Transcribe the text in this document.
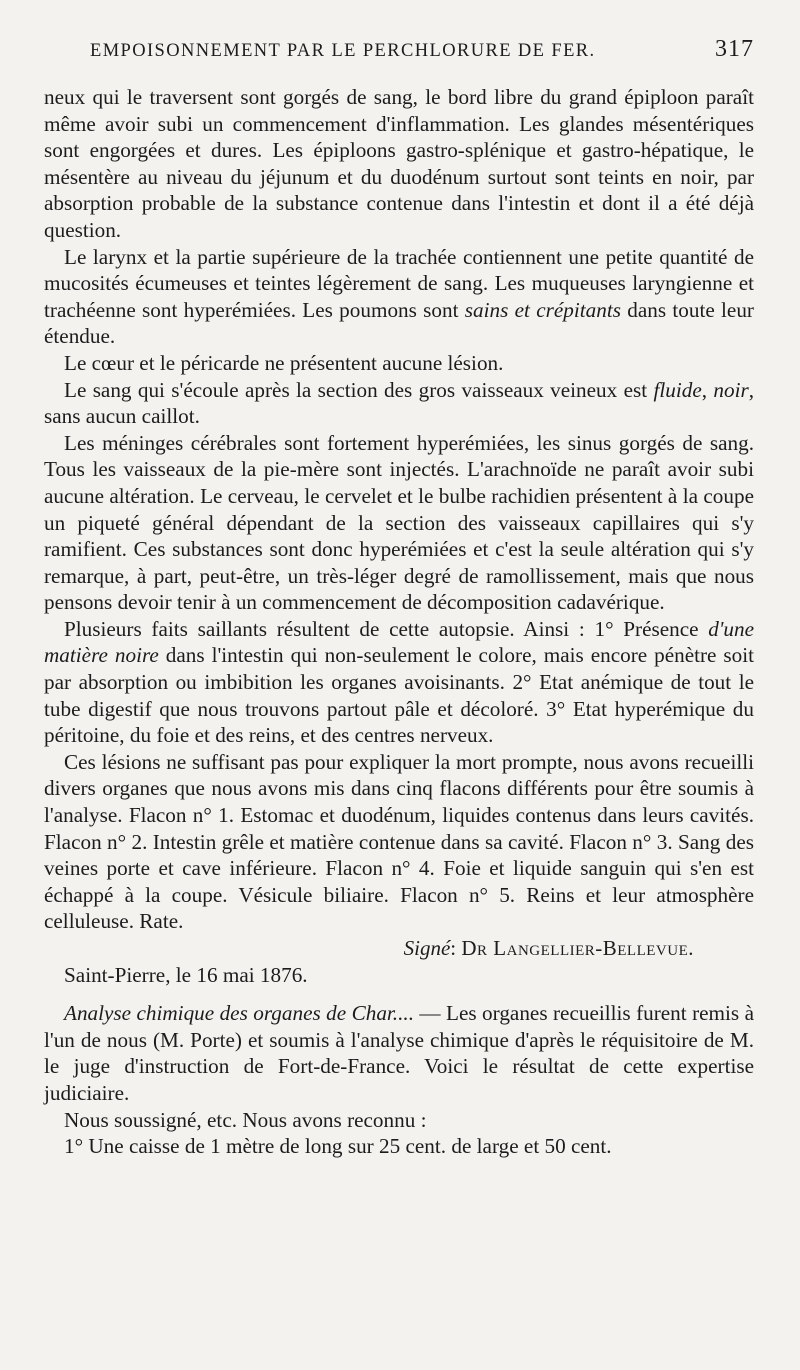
EMPOISONNEMENT PAR LE PERCHLORURE DE FER.	317

neux qui le traversent sont gorgés de sang, le bord libre du grand épiploon paraît même avoir subi un commencement d'inflammation. Les glandes mésentériques sont engorgées et dures. Les épiploons gastro-splénique et gastro-hépatique, le mésentère au niveau du jéjunum et du duodénum surtout sont teints en noir, par absorption probable de la substance contenue dans l'intestin et dont il a été déjà question.

Le larynx et la partie supérieure de la trachée contiennent une petite quantité de mucosités écumeuses et teintes légèrement de sang. Les muqueuses laryngienne et trachéenne sont hyperémiées. Les poumons sont sains et crépitants dans toute leur étendue.

Le cœur et le péricarde ne présentent aucune lésion.

Le sang qui s'écoule après la section des gros vaisseaux veineux est fluide, noir, sans aucun caillot.

Les méninges cérébrales sont fortement hyperémiées, les sinus gorgés de sang. Tous les vaisseaux de la pie-mère sont injectés. L'arachnoïde ne paraît avoir subi aucune altération. Le cerveau, le cervelet et le bulbe rachidien présentent à la coupe un piqueté général dépendant de la section des vaisseaux capillaires qui s'y ramifient. Ces substances sont donc hyperémiées et c'est la seule altération qui s'y remarque, à part, peut-être, un très-léger degré de ramollissement, mais que nous pensons devoir tenir à un commencement de décomposition cadavérique.

Plusieurs faits saillants résultent de cette autopsie. Ainsi : 1° Présence d'une matière noire dans l'intestin qui non-seulement le colore, mais encore pénètre soit par absorption ou imbibition les organes avoisinants. 2° Etat anémique de tout le tube digestif que nous trouvons partout pâle et décoloré. 3° Etat hyperémique du péritoine, du foie et des reins, et des centres nerveux.

Ces lésions ne suffisant pas pour expliquer la mort prompte, nous avons recueilli divers organes que nous avons mis dans cinq flacons différents pour être soumis à l'analyse. Flacon n° 1. Estomac et duodénum, liquides contenus dans leurs cavités. Flacon n° 2. Intestin grêle et matière contenue dans sa cavité. Flacon n° 3. Sang des veines porte et cave inférieure. Flacon n° 4. Foie et liquide sanguin qui s'en est échappé à la coupe. Vésicule biliaire. Flacon n° 5. Reins et leur atmosphère celluleuse. Rate.

Signé: Dr Langellier-Bellevue.

Saint-Pierre, le 16 mai 1876.

Analyse chimique des organes de Char.... — Les organes recueillis furent remis à l'un de nous (M. Porte) et soumis à l'analyse chimique d'après le réquisitoire de M. le juge d'instruction de Fort-de-France. Voici le résultat de cette expertise judiciaire.

Nous soussigné, etc. Nous avons reconnu :

1° Une caisse de 1 mètre de long sur 25 cent. de large et 50 cent.
